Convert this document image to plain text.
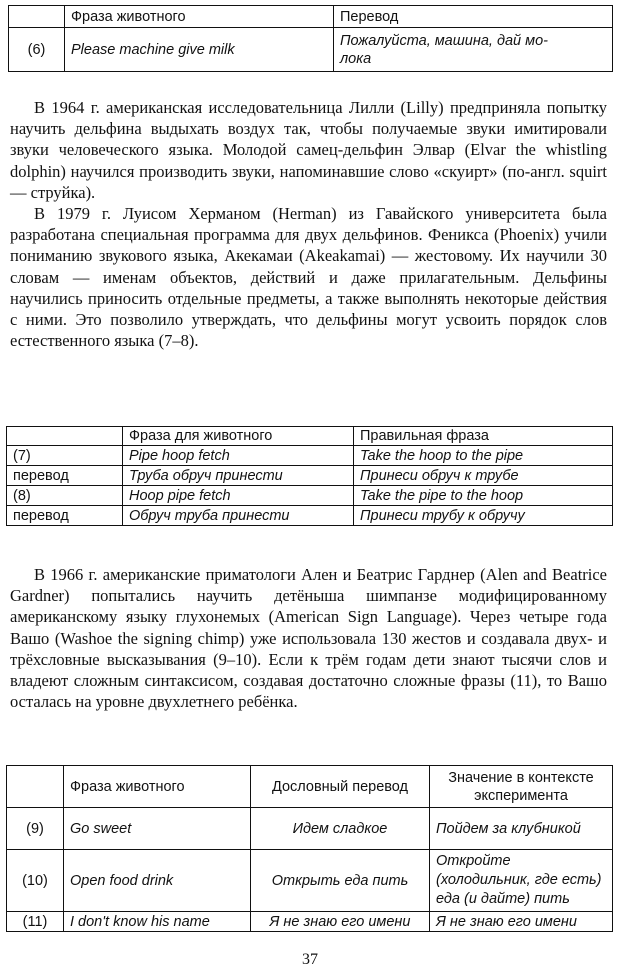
	Фраза животного	Перевод
(6)	Please machine give milk	Пожалуйста, машина, дай мо-
лока

В 1964 г. американская исследовательница Лилли (Lilly) предприняла попытку научить дельфина выдыхать воздух так, чтобы получаемые звуки имитировали звуки человеческого языка. Молодой самец-дельфин Элвар (Elvar the whistling dolphin) научился производить звуки, напоминавшие слово «скуирт» (по-англ. squirt — струйка).

В 1979 г. Луисом Херманом (Herman) из Гавайского университета была разработана специальная программа для двух дельфинов. Феникса (Phoenix) учили пониманию звукового языка, Акекамаи (Akeakamai) — жестовому. Их научили 30 словам — именам объектов, действий и даже прилагательным. Дельфины научились приносить отдельные предметы, а также выполнять некоторые действия с ними. Это позволило утверждать, что дельфины могут усвоить порядок слов естественного языка (7–8).

	Фраза для животного	Правильная фраза
(7)	Pipe hoop fetch	Take the hoop to the pipe
перевод	Труба обруч принести	Принеси обруч к трубе
(8)	Hoop pipe fetch	Take the pipe to the hoop
перевод	Обруч труба принести	Принеси трубу к обручу

В 1966 г. американские приматологи Ален и Беатрис Гарднер (Alen and Beatrice Gardner) попытались научить детёныша шимпанзе модифицированному американскому языку глухонемых (American Sign Language). Через четыре года Вашо (Washoe the signing chimp) уже использовала 130 жестов и создавала двух- и трёхсловные высказывания (9–10). Если к трём годам дети знают тысячи слов и владеют сложным синтаксисом, создавая достаточно сложные фразы (11), то Вашо осталась на уровне двухлетнего ребёнка.

	Фраза животного	Дословный перевод	Значение в контексте эксперимента
(9)	Go sweet	Идем сладкое	Пойдем за клубникой
(10)	Open food drink	Открыть еда пить	Откройте (холодильник, где есть) еда (и дайте) пить
(11)	I don't know his name	Я не знаю его имени	Я не знаю его имени
37
